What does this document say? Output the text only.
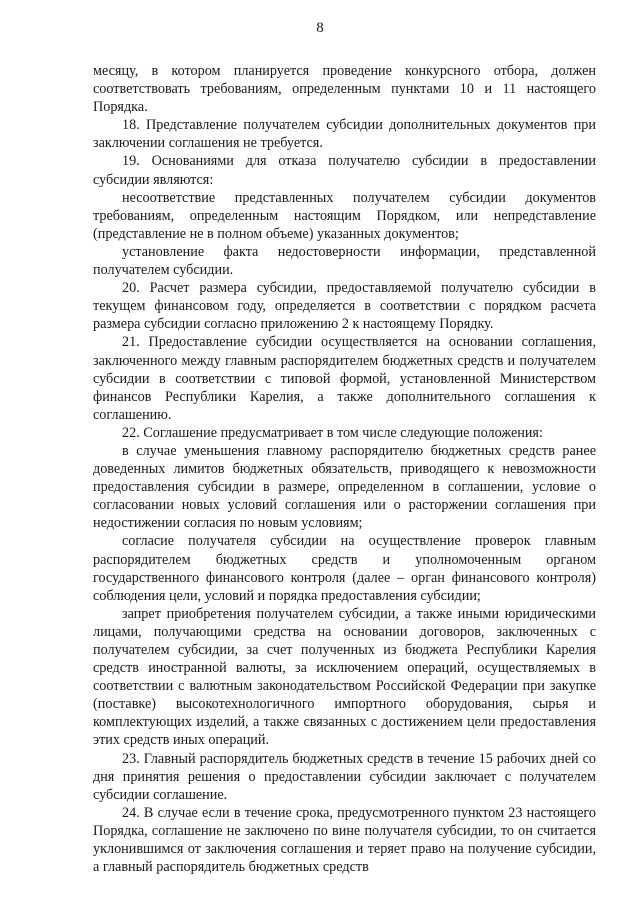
8

месяцу, в котором планируется проведение конкурсного отбора, должен соответствовать требованиям, определенным пунктами 10 и 11 настоящего Порядка.

18. Представление получателем субсидии дополнительных документов при заключении соглашения не требуется.

19. Основаниями для отказа получателю субсидии в предоставлении субсидии являются:

несоответствие представленных получателем субсидии документов требованиям, определенным настоящим Порядком, или непредставление (представление не в полном объеме) указанных документов;

установление факта недостоверности информации, представленной получателем субсидии.

20. Расчет размера субсидии, предоставляемой получателю субсидии в текущем финансовом году, определяется в соответствии с порядком расчета размера субсидии согласно приложению 2 к настоящему Порядку.

21. Предоставление субсидии осуществляется на основании соглашения, заключенного между главным распорядителем бюджетных средств и получателем субсидии в соответствии с типовой формой, установленной Министерством финансов Республики Карелия, а также дополнительного соглашения к соглашению.

22. Соглашение предусматривает в том числе следующие положения:

в случае уменьшения главному распорядителю бюджетных средств ранее доведенных лимитов бюджетных обязательств, приводящего к невозможности предоставления субсидии в размере, определенном в соглашении, условие о согласовании новых условий соглашения или о расторжении соглашения при недостижении согласия по новым условиям;

согласие получателя субсидии на осуществление проверок главным распорядителем бюджетных средств и уполномоченным органом государственного финансового контроля (далее – орган финансового контроля) соблюдения цели, условий и порядка предоставления субсидии;

запрет приобретения получателем субсидии, а также иными юридическими лицами, получающими средства на основании договоров, заключенных с получателем субсидии, за счет полученных из бюджета Республики Карелия средств иностранной валюты, за исключением операций, осуществляемых в соответствии с валютным законодательством Российской Федерации при закупке (поставке) высокотехнологичного импортного оборудования, сырья и комплектующих изделий, а также связанных с достижением цели предоставления этих средств иных операций.

23. Главный распорядитель бюджетных средств в течение 15 рабочих дней со дня принятия решения о предоставлении субсидии заключает с получателем субсидии соглашение.

24. В случае если в течение срока, предусмотренного пунктом 23 настоящего Порядка, соглашение не заключено по вине получателя субсидии, то он считается уклонившимся от заключения соглашения и теряет право на получение субсидии, а главный распорядитель бюджетных средств
